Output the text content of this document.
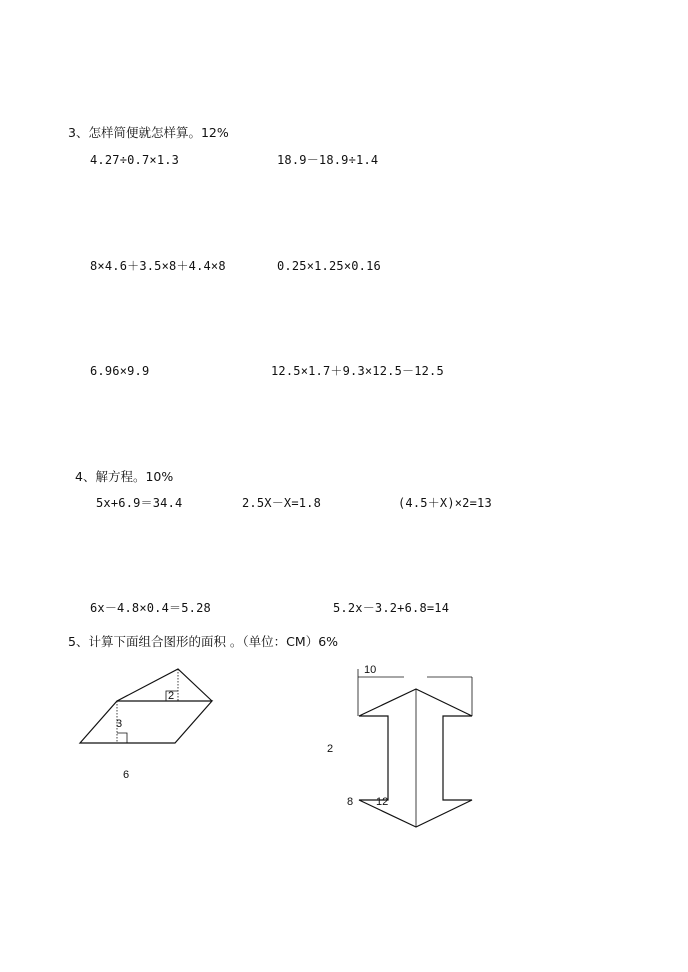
3、怎样简便就怎样算。12%
4.27÷0.7×1.3	18.9－18.9÷1.4
8×4.6＋3.5×8＋4.4×8	0.25×1.25×0.16
6.96×9.9	12.5×1.7＋9.3×12.5－12.5
4、解方程。10%
5x+6.9＝34.4	2.5X－X=1.8	(4.5＋X)×2=13
6x－4.8×0.4＝5.28	5.2x－3.2+6.8=14
5、计算下面组合图形的面积 。（单位：CM）6%
3
2
6
10
2
8 12
